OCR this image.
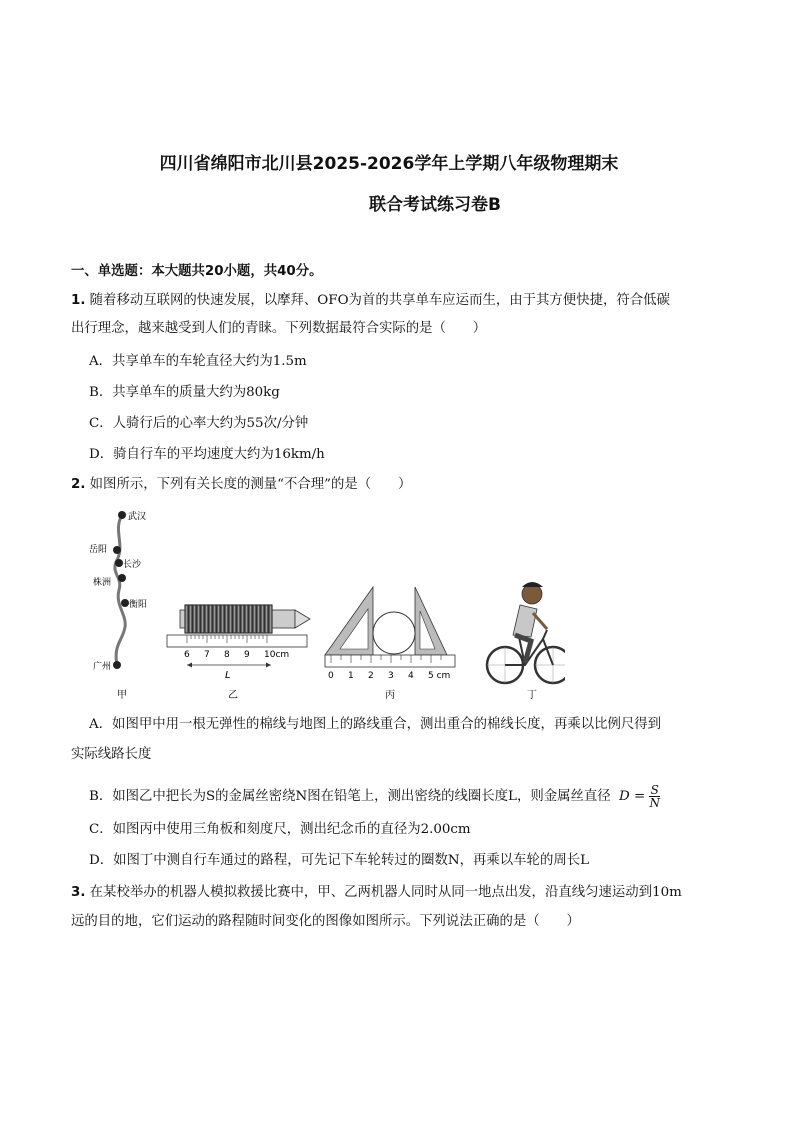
四川省绵阳市北川县2025-2026学年上学期八年级物理期末
联合考试练习卷B
一、单选题：本大题共20小题，共40分。
1. 随着移动互联网的快速发展，以摩拜、OFO为首的共享单车应运而生，由于其方便快捷，符合低碳
出行理念，越来越受到人们的青睐。下列数据最符合实际的是（　　）
A．共享单车的车轮直径大约为1.5m
B．共享单车的质量大约为80kg
C．人骑行后的心率大约为55次/分钟
D．骑自行车的平均速度大约为16km/h
2. 如图所示，下列有关长度的测量“不合理”的是（　　）
武汉
岳阳
长沙
株洲
衡阳
广州
甲
6 7 8 9 10cm
L
乙
0 1 2 3 4 5 cm
丙	丁
A．如图甲中用一根无弹性的棉线与地图上的路线重合，测出重合的棉线长度，再乘以比例尺得到
实际线路长度
B．如图乙中把长为S的金属丝密绕N图在铅笔上，测出密绕的线圈长度L，则金属丝直径 $D = \frac{S}{N}$
C．如图丙中使用三角板和刻度尺，测出纪念币的直径为2.00cm
D．如图丁中测自行车通过的路程，可先记下车轮转过的圈数N，再乘以车轮的周长L
3. 在某校举办的机器人模拟救援比赛中，甲、乙两机器人同时从同一地点出发，沿直线匀速运动到10m
远的目的地，它们运动的路程随时间变化的图像如图所示。下列说法正确的是（　　）
